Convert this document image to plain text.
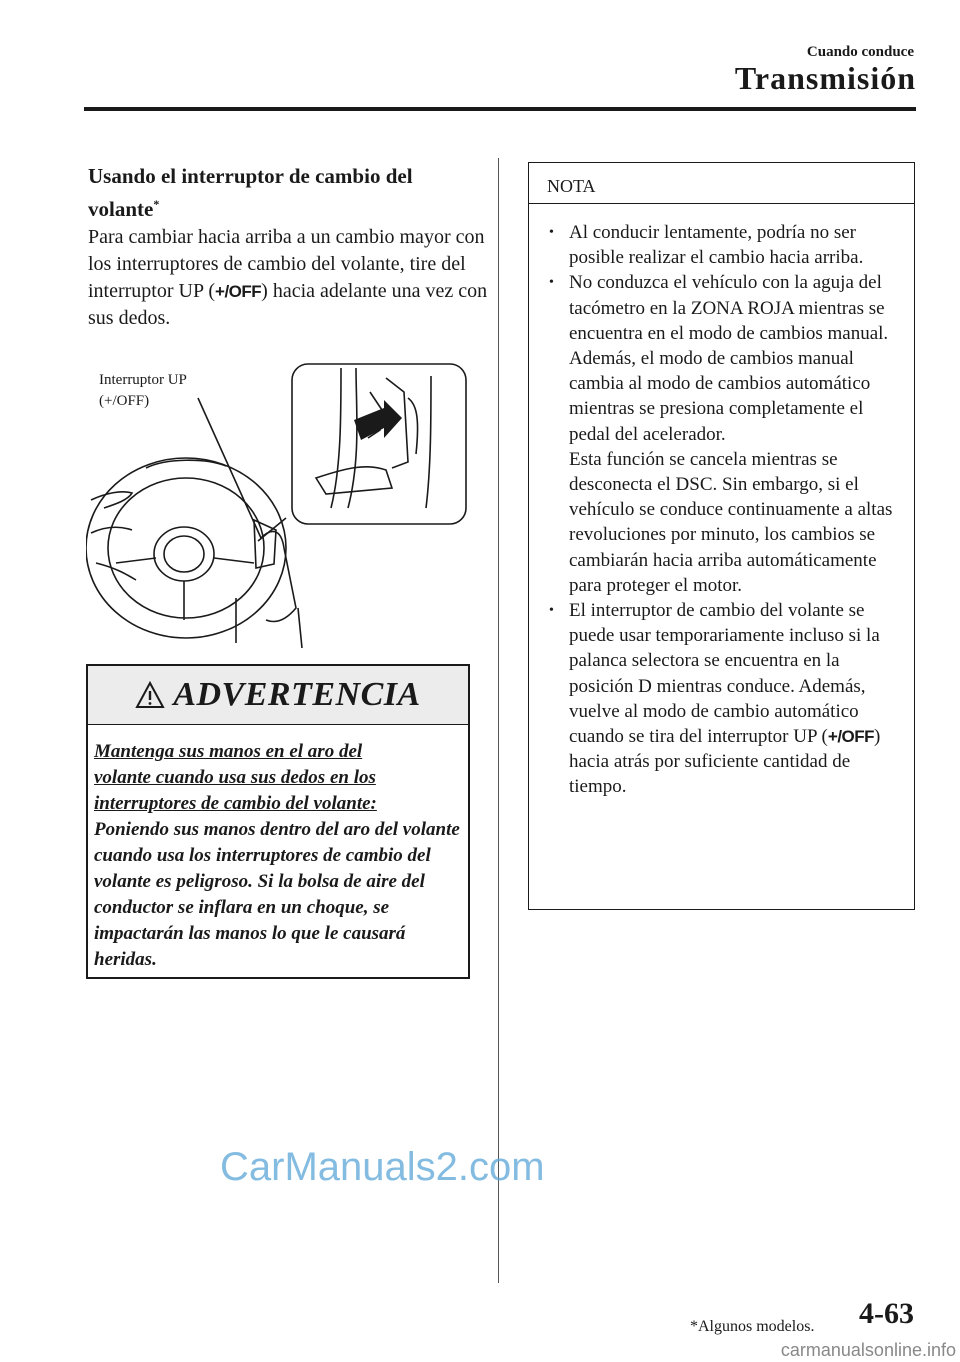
Cuando conduce
Transmisión
Usando el interruptor de cambio del volante*
Para cambiar hacia arriba a un cambio mayor con los interruptores de cambio del volante, tire del interruptor UP (+/OFF) hacia adelante una vez con sus dedos.
Interruptor UP
(+/OFF)
ADVERTENCIA
Mantenga sus manos en el aro del
volante cuando usa sus dedos en los
interruptores de cambio del volante:
Poniendo sus manos dentro del aro del volante cuando usa los interruptores de cambio del volante es peligroso. Si la bolsa de aire del conductor se inflara en un choque, se impactarán las manos lo que le causará heridas.
NOTA
• Al conducir lentamente, podría no ser posible realizar el cambio hacia arriba.
• No conduzca el vehículo con la aguja del tacómetro en la ZONA ROJA mientras se encuentra en el modo de cambios manual. Además, el modo de cambios manual cambia al modo de cambios automático mientras se presiona completamente el pedal del acelerador.
Esta función se cancela mientras se desconecta el DSC. Sin embargo, si el vehículo se conduce continuamente a altas revoluciones por minuto, los cambios se cambiarán hacia arriba automáticamente para proteger el motor.
• El interruptor de cambio del volante se puede usar temporariamente incluso si la palanca selectora se encuentra en la posición D mientras conduce. Además, vuelve al modo de cambio automático cuando se tira del interruptor UP (+/OFF) hacia atrás por suficiente cantidad de tiempo.
CarManuals2.com
*Algunos modelos. 4-63
carmanualsonline.info
